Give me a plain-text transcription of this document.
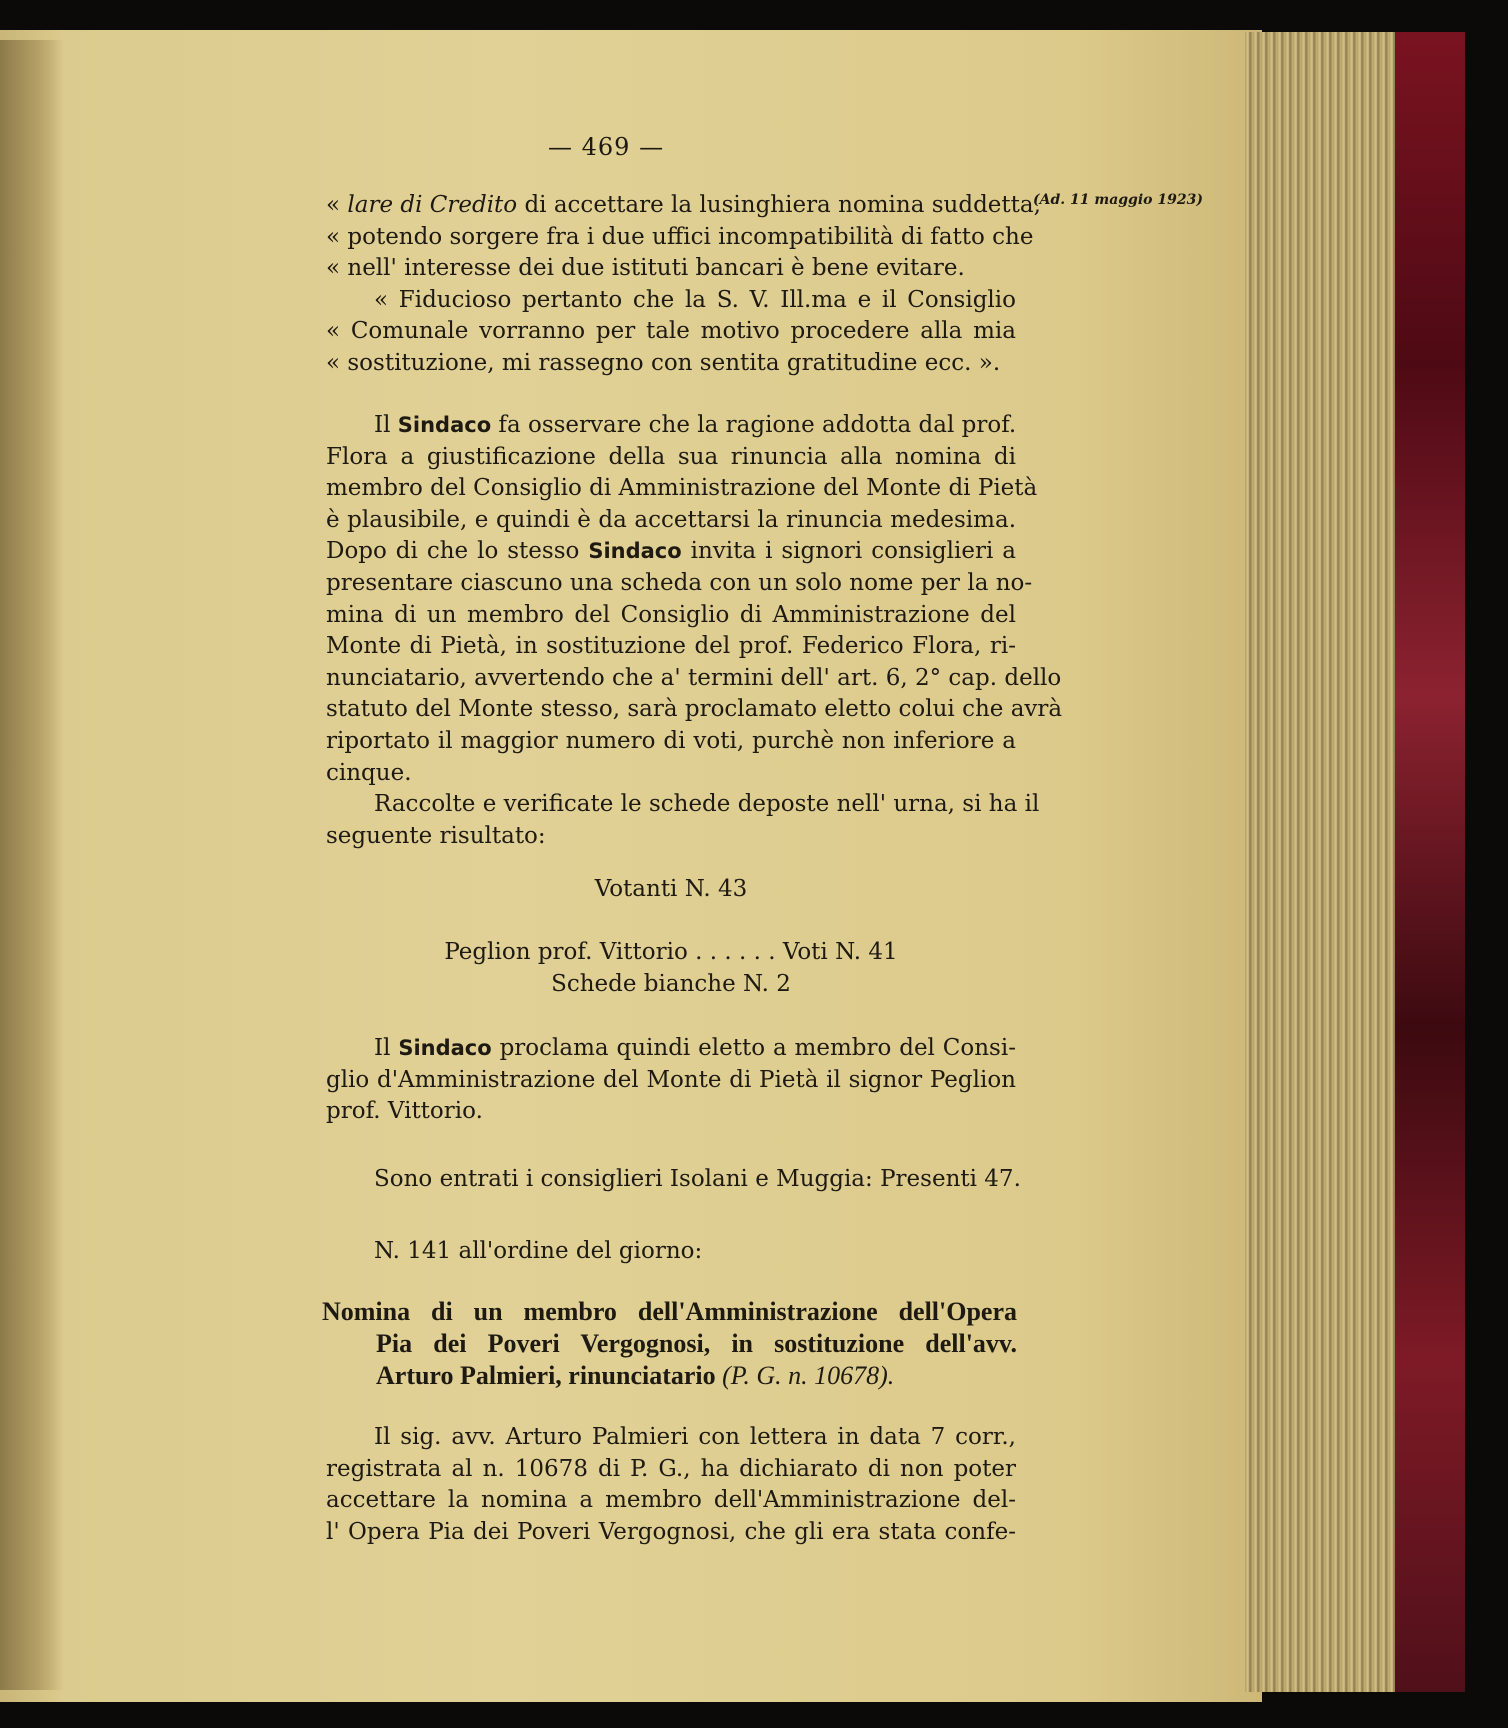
— 469 —
(Ad. 11 maggio 1923)
« lare di Credito di accettare la lusinghiera nomina suddetta,
« potendo sorgere fra i due uffici incompatibilità di fatto che
« nell' interesse dei due istituti bancari è bene evitare.
« Fiducioso pertanto che la S. V. Ill.ma e il Consiglio
« Comunale vorranno per tale motivo procedere alla mia
« sostituzione, mi rassegno con sentita gratitudine ecc. ».
Il Sindaco fa osservare che la ragione addotta dal prof.
Flora a giustificazione della sua rinuncia alla nomina di
membro del Consiglio di Amministrazione del Monte di Pietà
è plausibile, e quindi è da accettarsi la rinuncia medesima.
Dopo di che lo stesso Sindaco invita i signori consiglieri a
presentare ciascuno una scheda con un solo nome per la no-
mina di un membro del Consiglio di Amministrazione del
Monte di Pietà, in sostituzione del prof. Federico Flora, ri-
nunciatario, avvertendo che a' termini dell' art. 6, 2° cap. dello
statuto del Monte stesso, sarà proclamato eletto colui che avrà
riportato il maggior numero di voti, purchè non inferiore a
cinque.
Raccolte e verificate le schede deposte nell' urna, si ha il
seguente risultato:
Votanti N. 43
Peglion prof. Vittorio . . . . . . Voti N. 41
Schede bianche N. 2
Il Sindaco proclama quindi eletto a membro del Consi-
glio d'Amministrazione del Monte di Pietà il signor Peglion
prof. Vittorio.
Sono entrati i consiglieri Isolani e Muggia: Presenti 47.
N. 141 all'ordine del giorno:
Nomina di un membro dell'Amministrazione dell'Opera
Pia dei Poveri Vergognosi, in sostituzione dell'avv.
Arturo Palmieri, rinunciatario (P. G. n. 10678).
Il sig. avv. Arturo Palmieri con lettera in data 7 corr.,
registrata al n. 10678 di P. G., ha dichiarato di non poter
accettare la nomina a membro dell'Amministrazione del-
l' Opera Pia dei Poveri Vergognosi, che gli era stata confe-
